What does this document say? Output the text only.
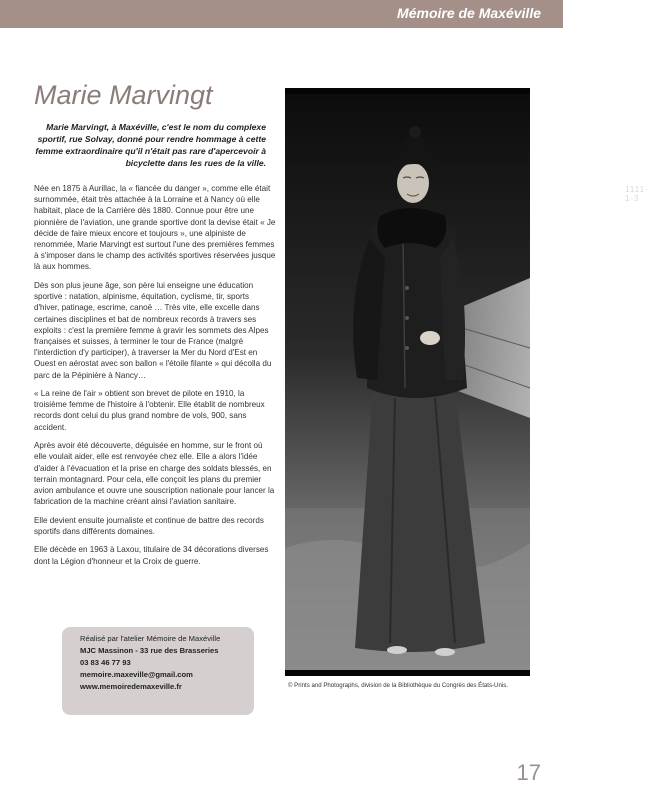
Mémoire de Maxéville
Marie Marvingt

Marie Marvingt, à Maxéville, c'est le nom du complexe sportif, rue Solvay, donné pour rendre hommage à cette femme extraordinaire qu'il n'était pas rare d'apercevoir à bicyclette dans les rues de la ville.

Née en 1875 à Aurillac, la « fiancée du danger », comme elle était surnommée, était très attachée à la Lorraine et à Nancy où elle habitait, place de la Carrière dès 1880. Connue pour être une pionnière de l'aviation, une grande sportive dont la devise était « Je décide de faire mieux encore et toujours », une alpiniste de renommée, Marie Marvingt est surtout l'une des premières femmes à s'imposer dans le champ des activités sportives réservées jusque là aux hommes.

Dès son plus jeune âge, son père lui enseigne une éducation sportive : natation, alpinisme, équitation, cyclisme, tir, sports d'hiver, patinage, escrime, canoë … Très vite, elle excelle dans certaines disciplines et bat de nombreux records à travers ses exploits : c'est la première femme à gravir les sommets des Alpes françaises et suisses, à terminer le tour de France (malgré l'interdiction d'y participer), à traverser la Mer du Nord d'Est en Ouest en aérostat avec son ballon « l'étoile filante » qui décolla du parc de la Pépinière à Nancy…

« La reine de l'air » obtient son brevet de pilote en 1910, la troisième femme de l'histoire à l'obtenir. Elle établit de nombreux records dont celui du plus grand nombre de vols, 900, sans accident.

Après avoir été découverte, déguisée en homme, sur le front où elle voulait aider, elle est renvoyée chez elle. Elle a alors l'idée d'aider à l'évacuation et la prise en charge des soldats blessés, en terrain montagnard. Pour cela, elle conçoit les plans du premier avion ambulance et ouvre une souscription nationale pour lancer la fabrication de la machine créant ainsi l'aviation sanitaire.

Elle devient ensuite journaliste et continue de battre des records sportifs dans différents domaines.

Elle décède en 1963 à Laxou, titulaire de 34 décorations diverses dont la Légion d'honneur et la Croix de guerre.

Réalisé par l'atelier Mémoire de Maxéville
MJC Massinon - 33 rue des Brasseries
03 83 46 77 93
memoire.maxeville@gmail.com
www.memoiredemaxeville.fr
1111-1-3

© Prints and Photographs, division de la Bibliothèque du Congrès des États-Unis.

17
